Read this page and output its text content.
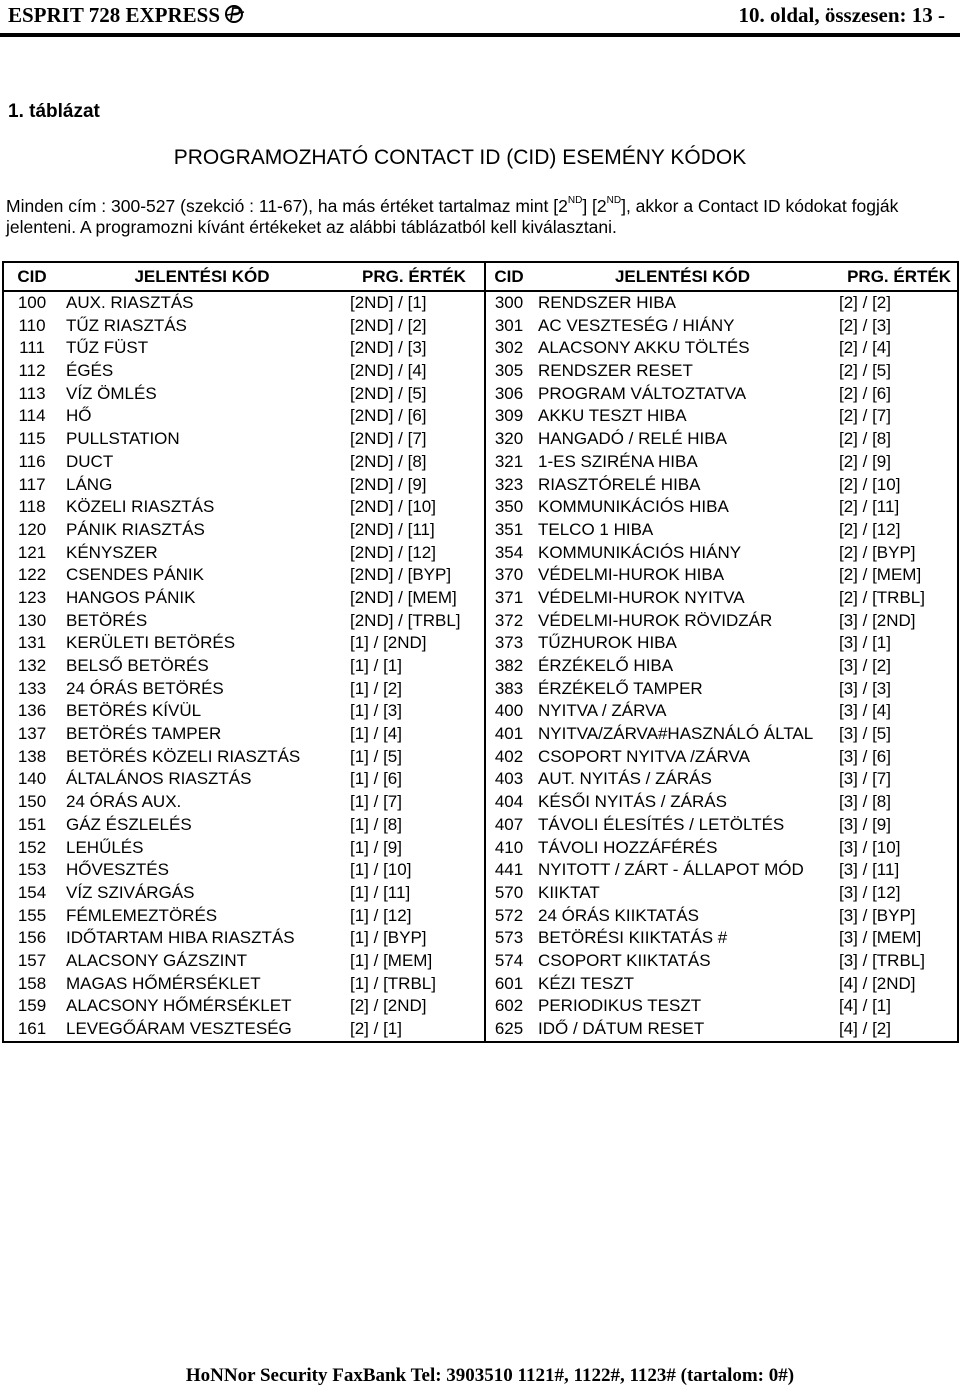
ESPRIT 728 EXPRESS	10. oldal, összesen: 13 -
1. táblázat
PROGRAMOZHATÓ CONTACT ID (CID) ESEMÉNY KÓDOK
Minden cím : 300-527 (szekció : 11-67), ha más értéket tartalmaz mint [2ND] [2ND], akkor a Contact ID kódokat fogják jelenteni. A programozni kívánt értékeket az alábbi táblázatból kell kiválasztani.
CID	JELENTÉSI KÓD	PRG. ÉRTÉK	CID	JELENTÉSI KÓD	PRG. ÉRTÉK
100	AUX. RIASZTÁS	[2ND] / [1]	300	RENDSZER HIBA	[2] / [2]
110	TŰZ RIASZTÁS	[2ND] / [2]	301	AC VESZTESÉG / HIÁNY	[2] / [3]
111	TŰZ FÜST	[2ND] / [3]	302	ALACSONY AKKU TÖLTÉS	[2] / [4]
112	ÉGÉS	[2ND] / [4]	305	RENDSZER RESET	[2] / [5]
113	VÍZ ÖMLÉS	[2ND] / [5]	306	PROGRAM VÁLTOZTATVA	[2] / [6]
114	HŐ	[2ND] / [6]	309	AKKU TESZT HIBA	[2] / [7]
115	PULLSTATION	[2ND] / [7]	320	HANGADÓ / RELÉ HIBA	[2] / [8]
116	DUCT	[2ND] / [8]	321	1-ES SZIRÉNA HIBA	[2] / [9]
117	LÁNG	[2ND] / [9]	323	RIASZTÓRELÉ HIBA	[2] / [10]
118	KÖZELI RIASZTÁS	[2ND] / [10]	350	KOMMUNIKÁCIÓS HIBA	[2] / [11]
120	PÁNIK RIASZTÁS	[2ND] / [11]	351	TELCO 1 HIBA	[2] / [12]
121	KÉNYSZER	[2ND] / [12]	354	KOMMUNIKÁCIÓS HIÁNY	[2] / [BYP]
122	CSENDES PÁNIK	[2ND] / [BYP]	370	VÉDELMI-HUROK HIBA	[2] / [MEM]
123	HANGOS PÁNIK	[2ND] / [MEM]	371	VÉDELMI-HUROK NYITVA	[2] / [TRBL]
130	BETÖRÉS	[2ND] / [TRBL]	372	VÉDELMI-HUROK RÖVIDZÁR	[3] / [2ND]
131	KERÜLETI BETÖRÉS	[1] / [2ND]	373	TŰZHUROK HIBA	[3] / [1]
132	BELSŐ BETÖRÉS	[1] / [1]	382	ÉRZÉKELŐ HIBA	[3] / [2]
133	24 ÓRÁS BETÖRÉS	[1] / [2]	383	ÉRZÉKELŐ TAMPER	[3] / [3]
136	BETÖRÉS KÍVÜL	[1] / [3]	400	NYITVA / ZÁRVA	[3] / [4]
137	BETÖRÉS TAMPER	[1] / [4]	401	NYITVA/ZÁRVA#HASZNÁLÓ ÁLTAL	[3] / [5]
138	BETÖRÉS KÖZELI RIASZTÁS	[1] / [5]	402	CSOPORT NYITVA /ZÁRVA	[3] / [6]
140	ÁLTALÁNOS RIASZTÁS	[1] / [6]	403	AUT. NYITÁS / ZÁRÁS	[3] / [7]
150	24 ÓRÁS AUX.	[1] / [7]	404	KÉSŐI NYITÁS / ZÁRÁS	[3] / [8]
151	GÁZ ÉSZLELÉS	[1] / [8]	407	TÁVOLI ÉLESÍTÉS / LETÖLTÉS	[3] / [9]
152	LEHŰLÉS	[1] / [9]	410	TÁVOLI HOZZÁFÉRÉS	[3] / [10]
153	HŐVESZTÉS	[1] / [10]	441	NYITOTT / ZÁRT - ÁLLAPOT MÓD	[3] / [11]
154	VÍZ SZIVÁRGÁS	[1] / [11]	570	KIIKTAT	[3] / [12]
155	FÉMLEMEZTÖRÉS	[1] / [12]	572	24 ÓRÁS KIIKTATÁS	[3] / [BYP]
156	IDŐTARTAM HIBA RIASZTÁS	[1] / [BYP]	573	BETÖRÉSI KIIKTATÁS #	[3] / [MEM]
157	ALACSONY GÁZSZINT	[1] / [MEM]	574	CSOPORT KIIKTATÁS	[3] / [TRBL]
158	MAGAS HŐMÉRSÉKLET	[1] / [TRBL]	601	KÉZI TESZT	[4] / [2ND]
159	ALACSONY HŐMÉRSÉKLET	[2] / [2ND]	602	PERIODIKUS TESZT	[4] / [1]
161	LEVEGŐÁRAM VESZTESÉG	[2] / [1]	625	IDŐ / DÁTUM RESET	[4] / [2]
HoNNor Security FaxBank Tel: 3903510 1121#, 1122#, 1123# (tartalom: 0#)
